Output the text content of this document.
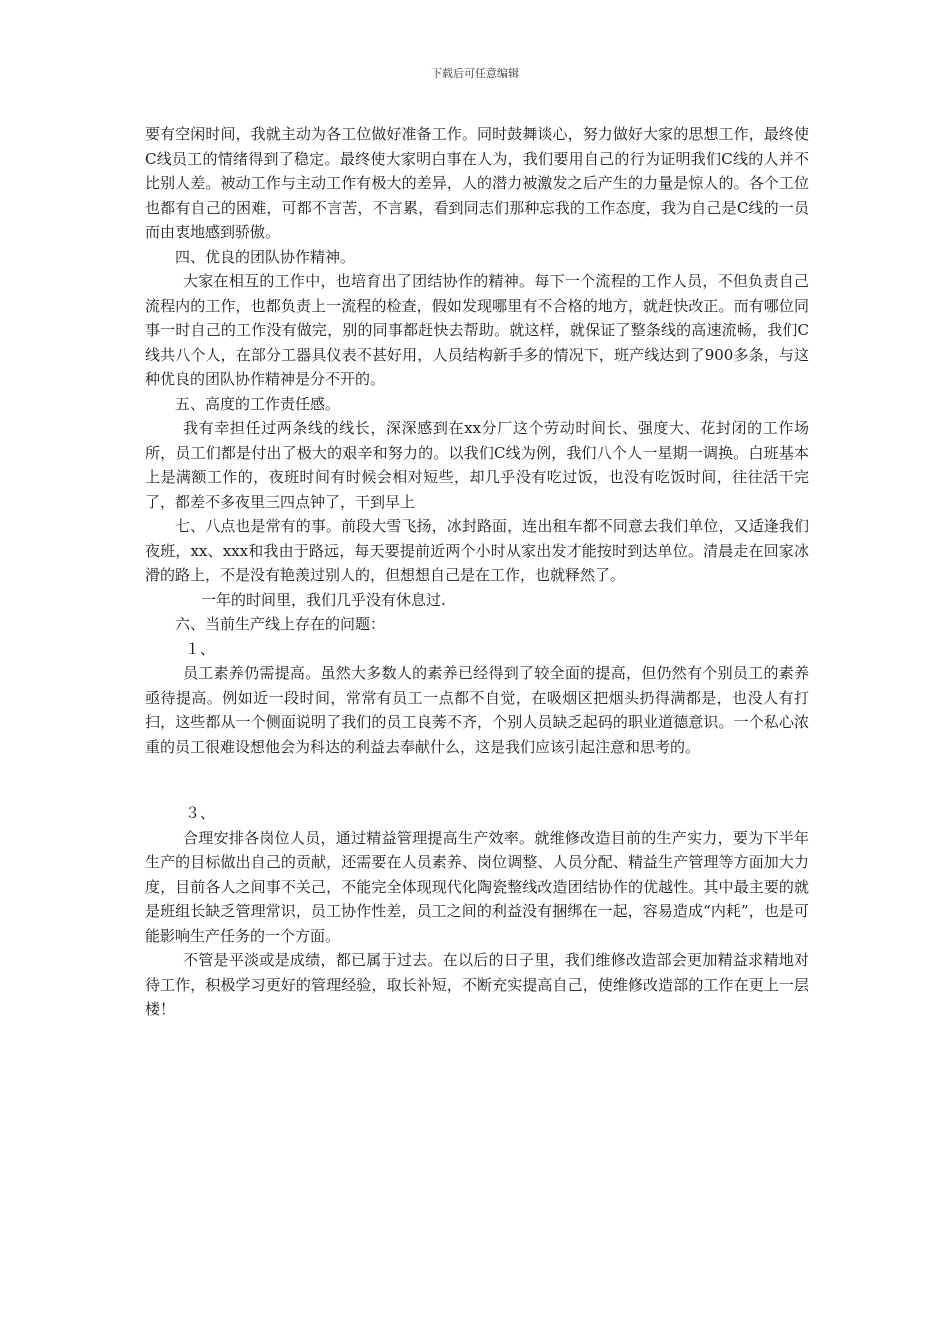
下载后可任意编辑

要有空闲时间，我就主动为各工位做好准备工作。同时鼓舞谈心，努力做好大家的思想工作，最终使C线员工的情绪得到了稳定。最终使大家明白事在人为，我们要用自己的行为证明我们C线的人并不比别人差。被动工作与主动工作有极大的差异，人的潜力被激发之后产生的力量是惊人的。各个工位也都有自己的困难，可都不言苦，不言累，看到同志们那种忘我的工作态度，我为自己是C线的一员而由衷地感到骄傲。

四、优良的团队协作精神。

大家在相互的工作中，也培育出了团结协作的精神。每下一个流程的工作人员，不但负责自己流程内的工作，也都负责上一流程的检查，假如发现哪里有不合格的地方，就赶快改正。而有哪位同事一时自己的工作没有做完，别的同事都赶快去帮助。就这样，就保证了整条线的高速流畅，我们C线共八个人，在部分工器具仪表不甚好用，人员结构新手多的情况下，班产线达到了900多条，与这种优良的团队协作精神是分不开的。

五、高度的工作责任感。

我有幸担任过两条线的线长，深深感到在xx分厂这个劳动时间长、强度大、花封闭的工作场所，员工们都是付出了极大的艰辛和努力的。以我们C线为例，我们八个人一星期一调换。白班基本上是满额工作的，夜班时间有时候会相对短些，却几乎没有吃过饭，也没有吃饭时间，往往活干完了，都差不多夜里三四点钟了，干到早上

七、八点也是常有的事。前段大雪飞扬，冰封路面，连出租车都不同意去我们单位，又适逢我们夜班，xx、xxx和我由于路远，每天要提前近两个小时从家出发才能按时到达单位。清晨走在回家冰滑的路上，不是没有艳羡过别人的，但想想自己是在工作，也就释然了。

一年的时间里，我们几乎没有休息过.

六、当前生产线上存在的问题：

１、

员工素养仍需提高。虽然大多数人的素养已经得到了较全面的提高，但仍然有个别员工的素养亟待提高。例如近一段时间，常常有员工一点都不自觉，在吸烟区把烟头扔得满都是，也没人有打扫，这些都从一个侧面说明了我们的员工良莠不齐，个别人员缺乏起码的职业道德意识。一个私心浓重的员工很难设想他会为科达的利益去奉献什么，这是我们应该引起注意和思考的。

３、

合理安排各岗位人员，通过精益管理提高生产效率。就维修改造目前的生产实力，要为下半年生产的目标做出自己的贡献，还需要在人员素养、岗位调整、人员分配、精益生产管理等方面加大力度，目前各人之间事不关己，不能完全体现现代化陶瓷整线改造团结协作的优越性。其中最主要的就是班组长缺乏管理常识，员工协作性差，员工之间的利益没有捆绑在一起，容易造成“内耗”，也是可能影响生产任务的一个方面。

不管是平淡或是成绩，都已属于过去。在以后的日子里，我们维修改造部会更加精益求精地对待工作，积极学习更好的管理经验，取长补短，不断充实提高自己，使维修改造部的工作在更上一层楼！
